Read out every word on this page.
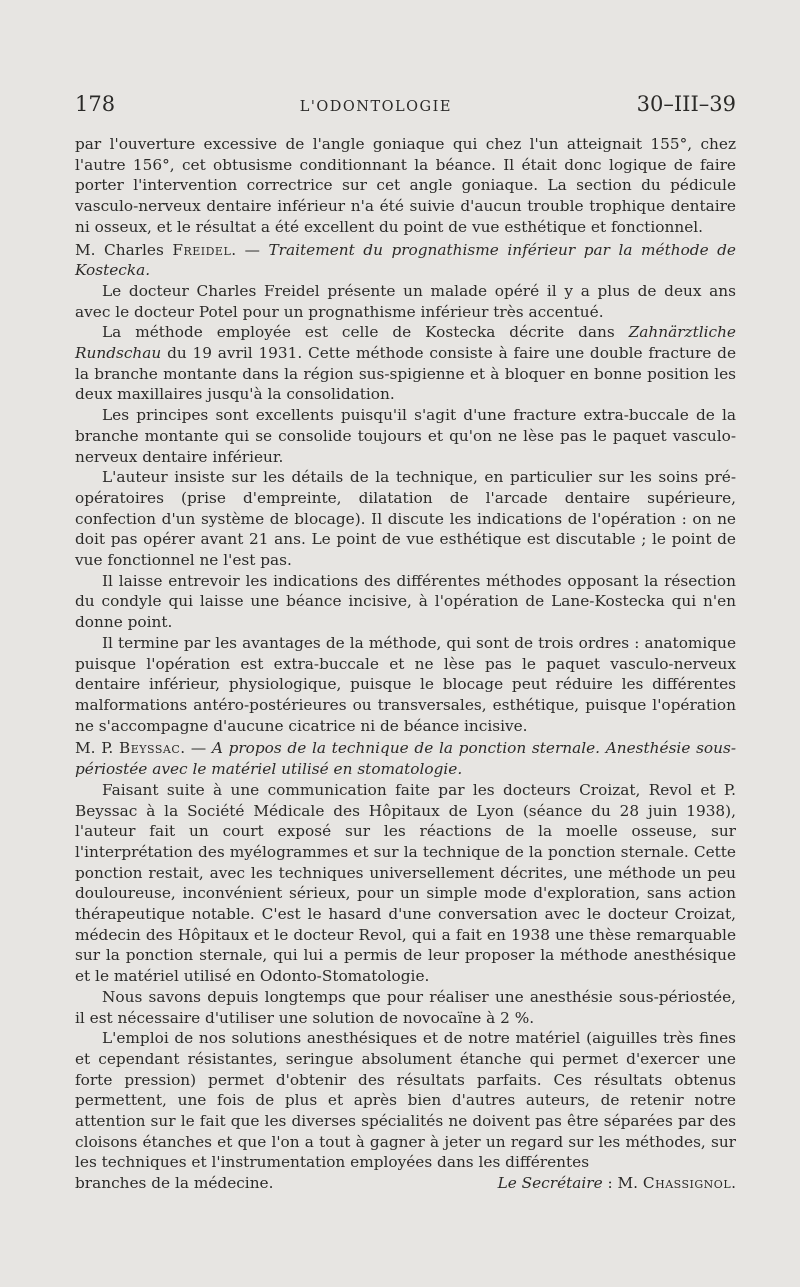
178	L'ODONTOLOGIE	30–III–39

par l'ouverture excessive de l'angle goniaque qui chez l'un atteignait 155°, chez l'autre 156°, cet obtusisme conditionnant la béance. Il était donc logique de faire porter l'intervention correctrice sur cet angle goniaque. La section du pédicule vasculo-nerveux dentaire inférieur n'a été suivie d'aucun trouble trophique dentaire ni osseux, et le résultat a été excellent du point de vue esthétique et fonctionnel.

M. Charles Freidel. — Traitement du prognathisme inférieur par la méthode de Kostecka.

Le docteur Charles Freidel présente un malade opéré il y a plus de deux ans avec le docteur Potel pour un prognathisme inférieur très accentué.

La méthode employée est celle de Kostecka décrite dans Zahnärztliche Rundschau du 19 avril 1931. Cette méthode consiste à faire une double fracture de la branche montante dans la région sus-spigienne et à bloquer en bonne position les deux maxillaires jusqu'à la consolidation.

Les principes sont excellents puisqu'il s'agit d'une fracture extra-buccale de la branche montante qui se consolide toujours et qu'on ne lèse pas le paquet vasculo-nerveux dentaire inférieur.

L'auteur insiste sur les détails de la technique, en particulier sur les soins pré-opératoires (prise d'empreinte, dilatation de l'arcade dentaire supérieure, confection d'un système de blocage). Il discute les indications de l'opération : on ne doit pas opérer avant 21 ans. Le point de vue esthétique est discutable ; le point de vue fonctionnel ne l'est pas.

Il laisse entrevoir les indications des différentes méthodes opposant la résection du condyle qui laisse une béance incisive, à l'opération de Lane-Kostecka qui n'en donne point.

Il termine par les avantages de la méthode, qui sont de trois ordres : anatomique puisque l'opération est extra-buccale et ne lèse pas le paquet vasculo-nerveux dentaire inférieur, physiologique, puisque le blocage peut réduire les différentes malformations antéro-postérieures ou transversales, esthétique, puisque l'opération ne s'accompagne d'aucune cicatrice ni de béance incisive.

M. P. Beyssac. — A propos de la technique de la ponction sternale. Anesthésie sous-périostée avec le matériel utilisé en stomatologie.

Faisant suite à une communication faite par les docteurs Croizat, Revol et P. Beyssac à la Société Médicale des Hôpitaux de Lyon (séance du 28 juin 1938), l'auteur fait un court exposé sur les réactions de la moelle osseuse, sur l'interprétation des myélogrammes et sur la technique de la ponction sternale. Cette ponction restait, avec les techniques universellement décrites, une méthode un peu douloureuse, inconvénient sérieux, pour un simple mode d'exploration, sans action thérapeutique notable. C'est le hasard d'une conversation avec le docteur Croizat, médecin des Hôpitaux et le docteur Revol, qui a fait en 1938 une thèse remarquable sur la ponction sternale, qui lui a permis de leur proposer la méthode anesthésique et le matériel utilisé en Odonto-Stomatologie.

Nous savons depuis longtemps que pour réaliser une anesthésie sous-périostée, il est nécessaire d'utiliser une solution de novocaïne à 2 %.

L'emploi de nos solutions anesthésiques et de notre matériel (aiguilles très fines et cependant résistantes, seringue absolument étanche qui permet d'exercer une forte pression) permet d'obtenir des résultats parfaits. Ces résultats obtenus permettent, une fois de plus et après bien d'autres auteurs, de retenir notre attention sur le fait que les diverses spécialités ne doivent pas être séparées par des cloisons étanches et que l'on a tout à gagner à jeter un regard sur les méthodes, sur les techniques et l'instrumentation employées dans les différentes

branches de la médecine.	Le Secrétaire : M. Chassignol.
